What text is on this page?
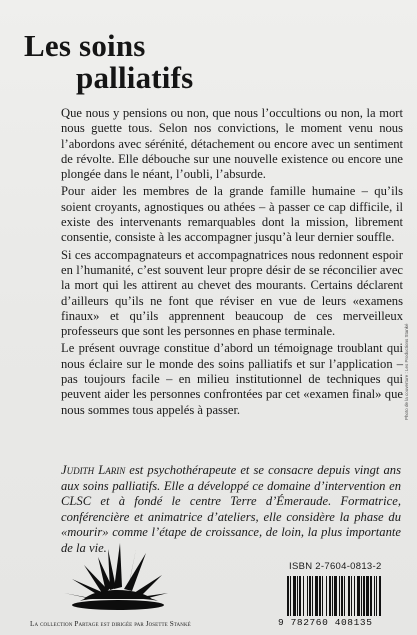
Les soins
palliatifs

Que nous y pensions ou non, que nous l’occultions ou non, la mort nous guette tous. Selon nos convictions, le moment venu nous l’abordons avec sérénité, détachement ou encore avec un sentiment de révolte. Elle débouche sur une nouvelle existence ou encore une plongée dans le néant, l’oubli, l’absurde.

Pour aider les membres de la grande famille humaine – qu’ils soient croyants, agnostiques ou athées – à passer ce cap difficile, il existe des intervenants remarquables dont la mission, librement consentie, consiste à les accompagner jusqu’à leur dernier souffle.

Si ces accompagnateurs et accompagnatrices nous redonnent espoir en l’humanité, c’est souvent leur propre désir de se réconcilier avec la mort qui les attirent au chevet des mourants. Certains déclarent d’ailleurs qu’ils ne font que réviser en vue de leurs «examens finaux» et qu’ils apprennent beaucoup de ces merveilleux professeurs que sont les personnes en phase terminale.

Le présent ouvrage constitue d’abord un témoignage troublant qui nous éclaire sur le monde des soins palliatifs et sur l’application – pas toujours facile – en milieu institutionnel de techniques qui peuvent aider les personnes confrontées par cet «examen final» que nous sommes tous appelés à passer.

Judith Larin est psychothérapeute et se consacre depuis vingt ans aux soins palliatifs. Elle a développé ce domaine d’intervention en CLSC et à fondé le centre Terre d’Émeraude. Formatrice, conférencière et animatrice d’ateliers, elle considère la phase du «mourir» comme l’étape de croissance, de loin, la plus importante de la vie.
Photo de la couverture : Les Productions Stanké
La collection Partage est dirigée par Josette Stanké
ISBN 2-7604-0813-2
9 782760 408135
